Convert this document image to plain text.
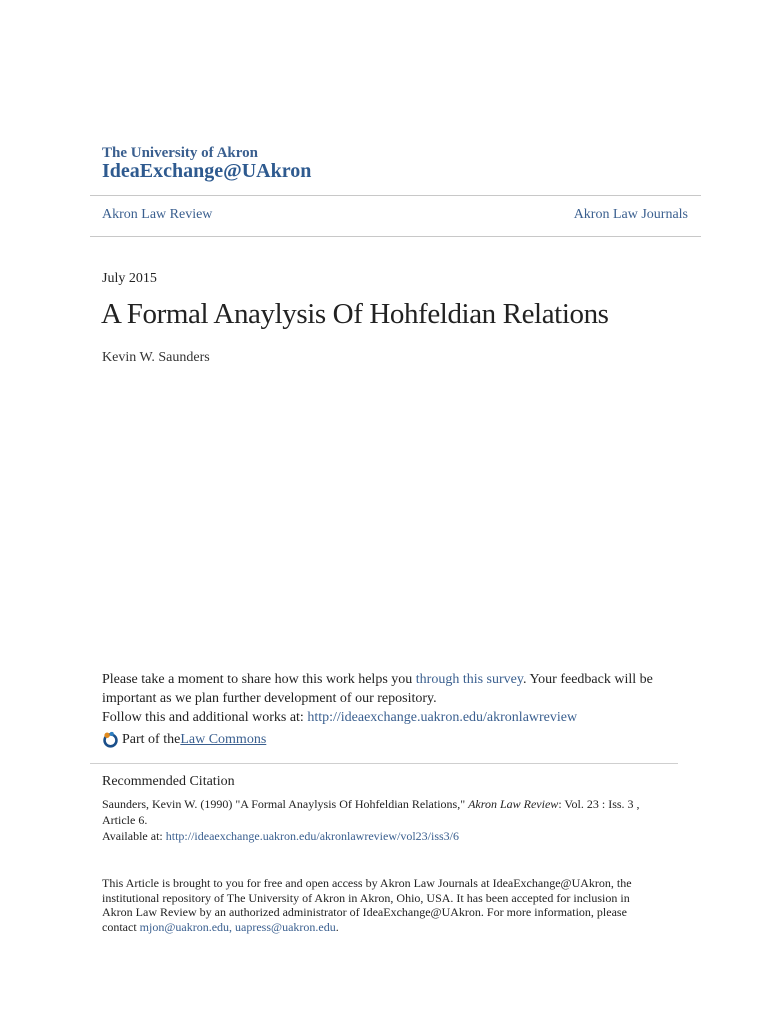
The University of Akron
IdeaExchange@UAkron
Akron Law Review	Akron Law Journals
July 2015
A Formal Anaylysis Of Hohfeldian Relations
Kevin W. Saunders
Please take a moment to share how this work helps you through this survey. Your feedback will be important as we plan further development of our repository.
Follow this and additional works at: http://ideaexchange.uakron.edu/akronlawreview
Part of the Law Commons
Recommended Citation
Saunders, Kevin W. (1990) "A Formal Anaylysis Of Hohfeldian Relations," Akron Law Review: Vol. 23 : Iss. 3 , Article 6.
Available at: http://ideaexchange.uakron.edu/akronlawreview/vol23/iss3/6
This Article is brought to you for free and open access by Akron Law Journals at IdeaExchange@UAkron, the institutional repository of The University of Akron in Akron, Ohio, USA. It has been accepted for inclusion in Akron Law Review by an authorized administrator of IdeaExchange@UAkron. For more information, please contact mjon@uakron.edu, uapress@uakron.edu.
